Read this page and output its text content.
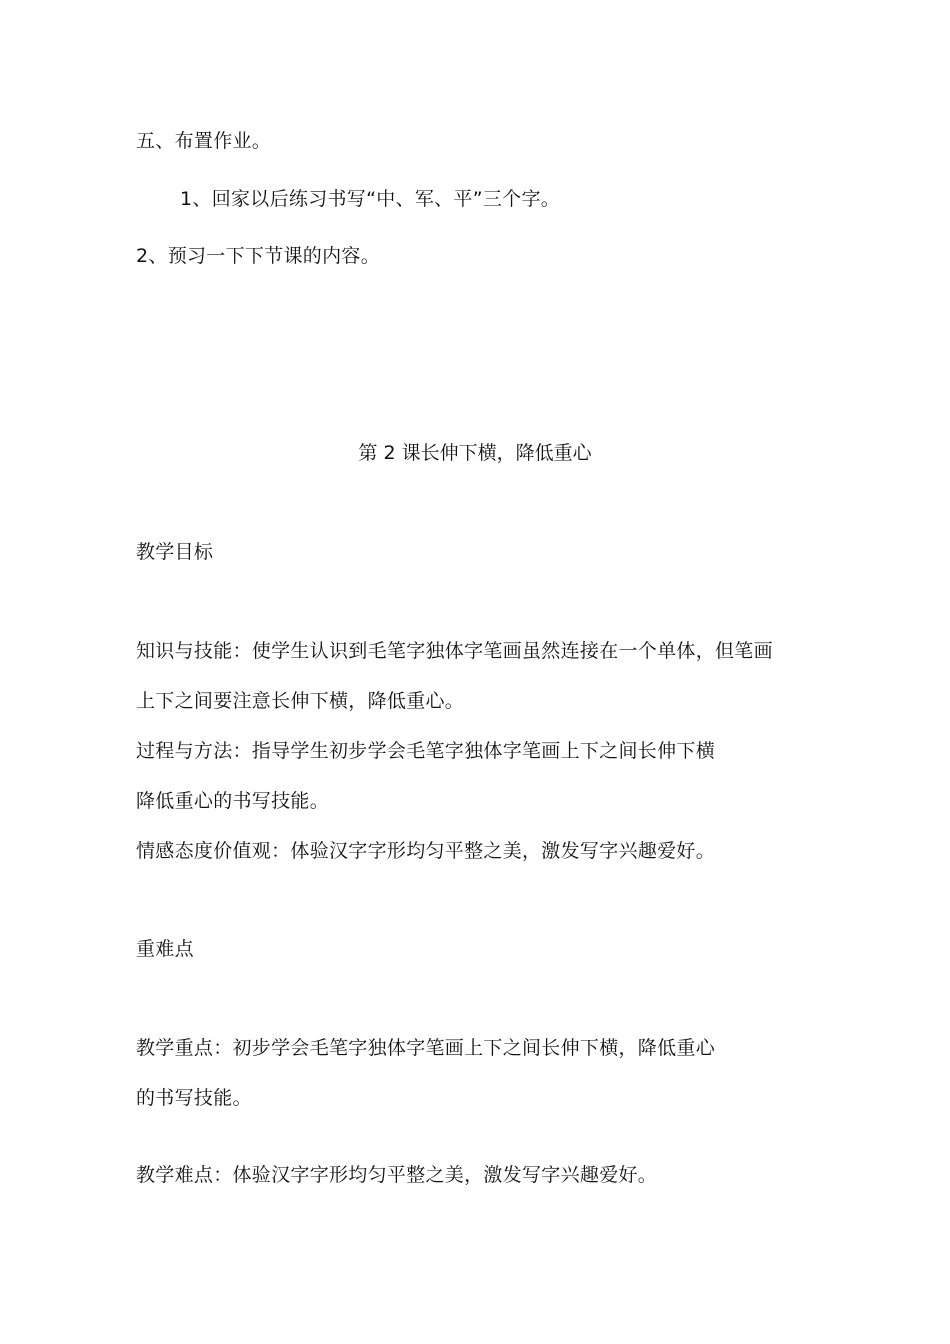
五、布置作业。
1、回家以后练习书写“中、军、平”三个字。
2、预习一下下节课的内容。
第 2 课长伸下横，降低重心
教学目标
知识与技能：使学生认识到毛笔字独体字笔画虽然连接在一个单体，但笔画
上下之间要注意长伸下横，降低重心。
过程与方法：指导学生初步学会毛笔字独体字笔画上下之间长伸下横
降低重心的书写技能。
情感态度价值观：体验汉字字形均匀平整之美，激发写字兴趣爱好。
重难点
教学重点：初步学会毛笔字独体字笔画上下之间长伸下横，降低重心
的书写技能。
教学难点：体验汉字字形均匀平整之美，激发写字兴趣爱好。
